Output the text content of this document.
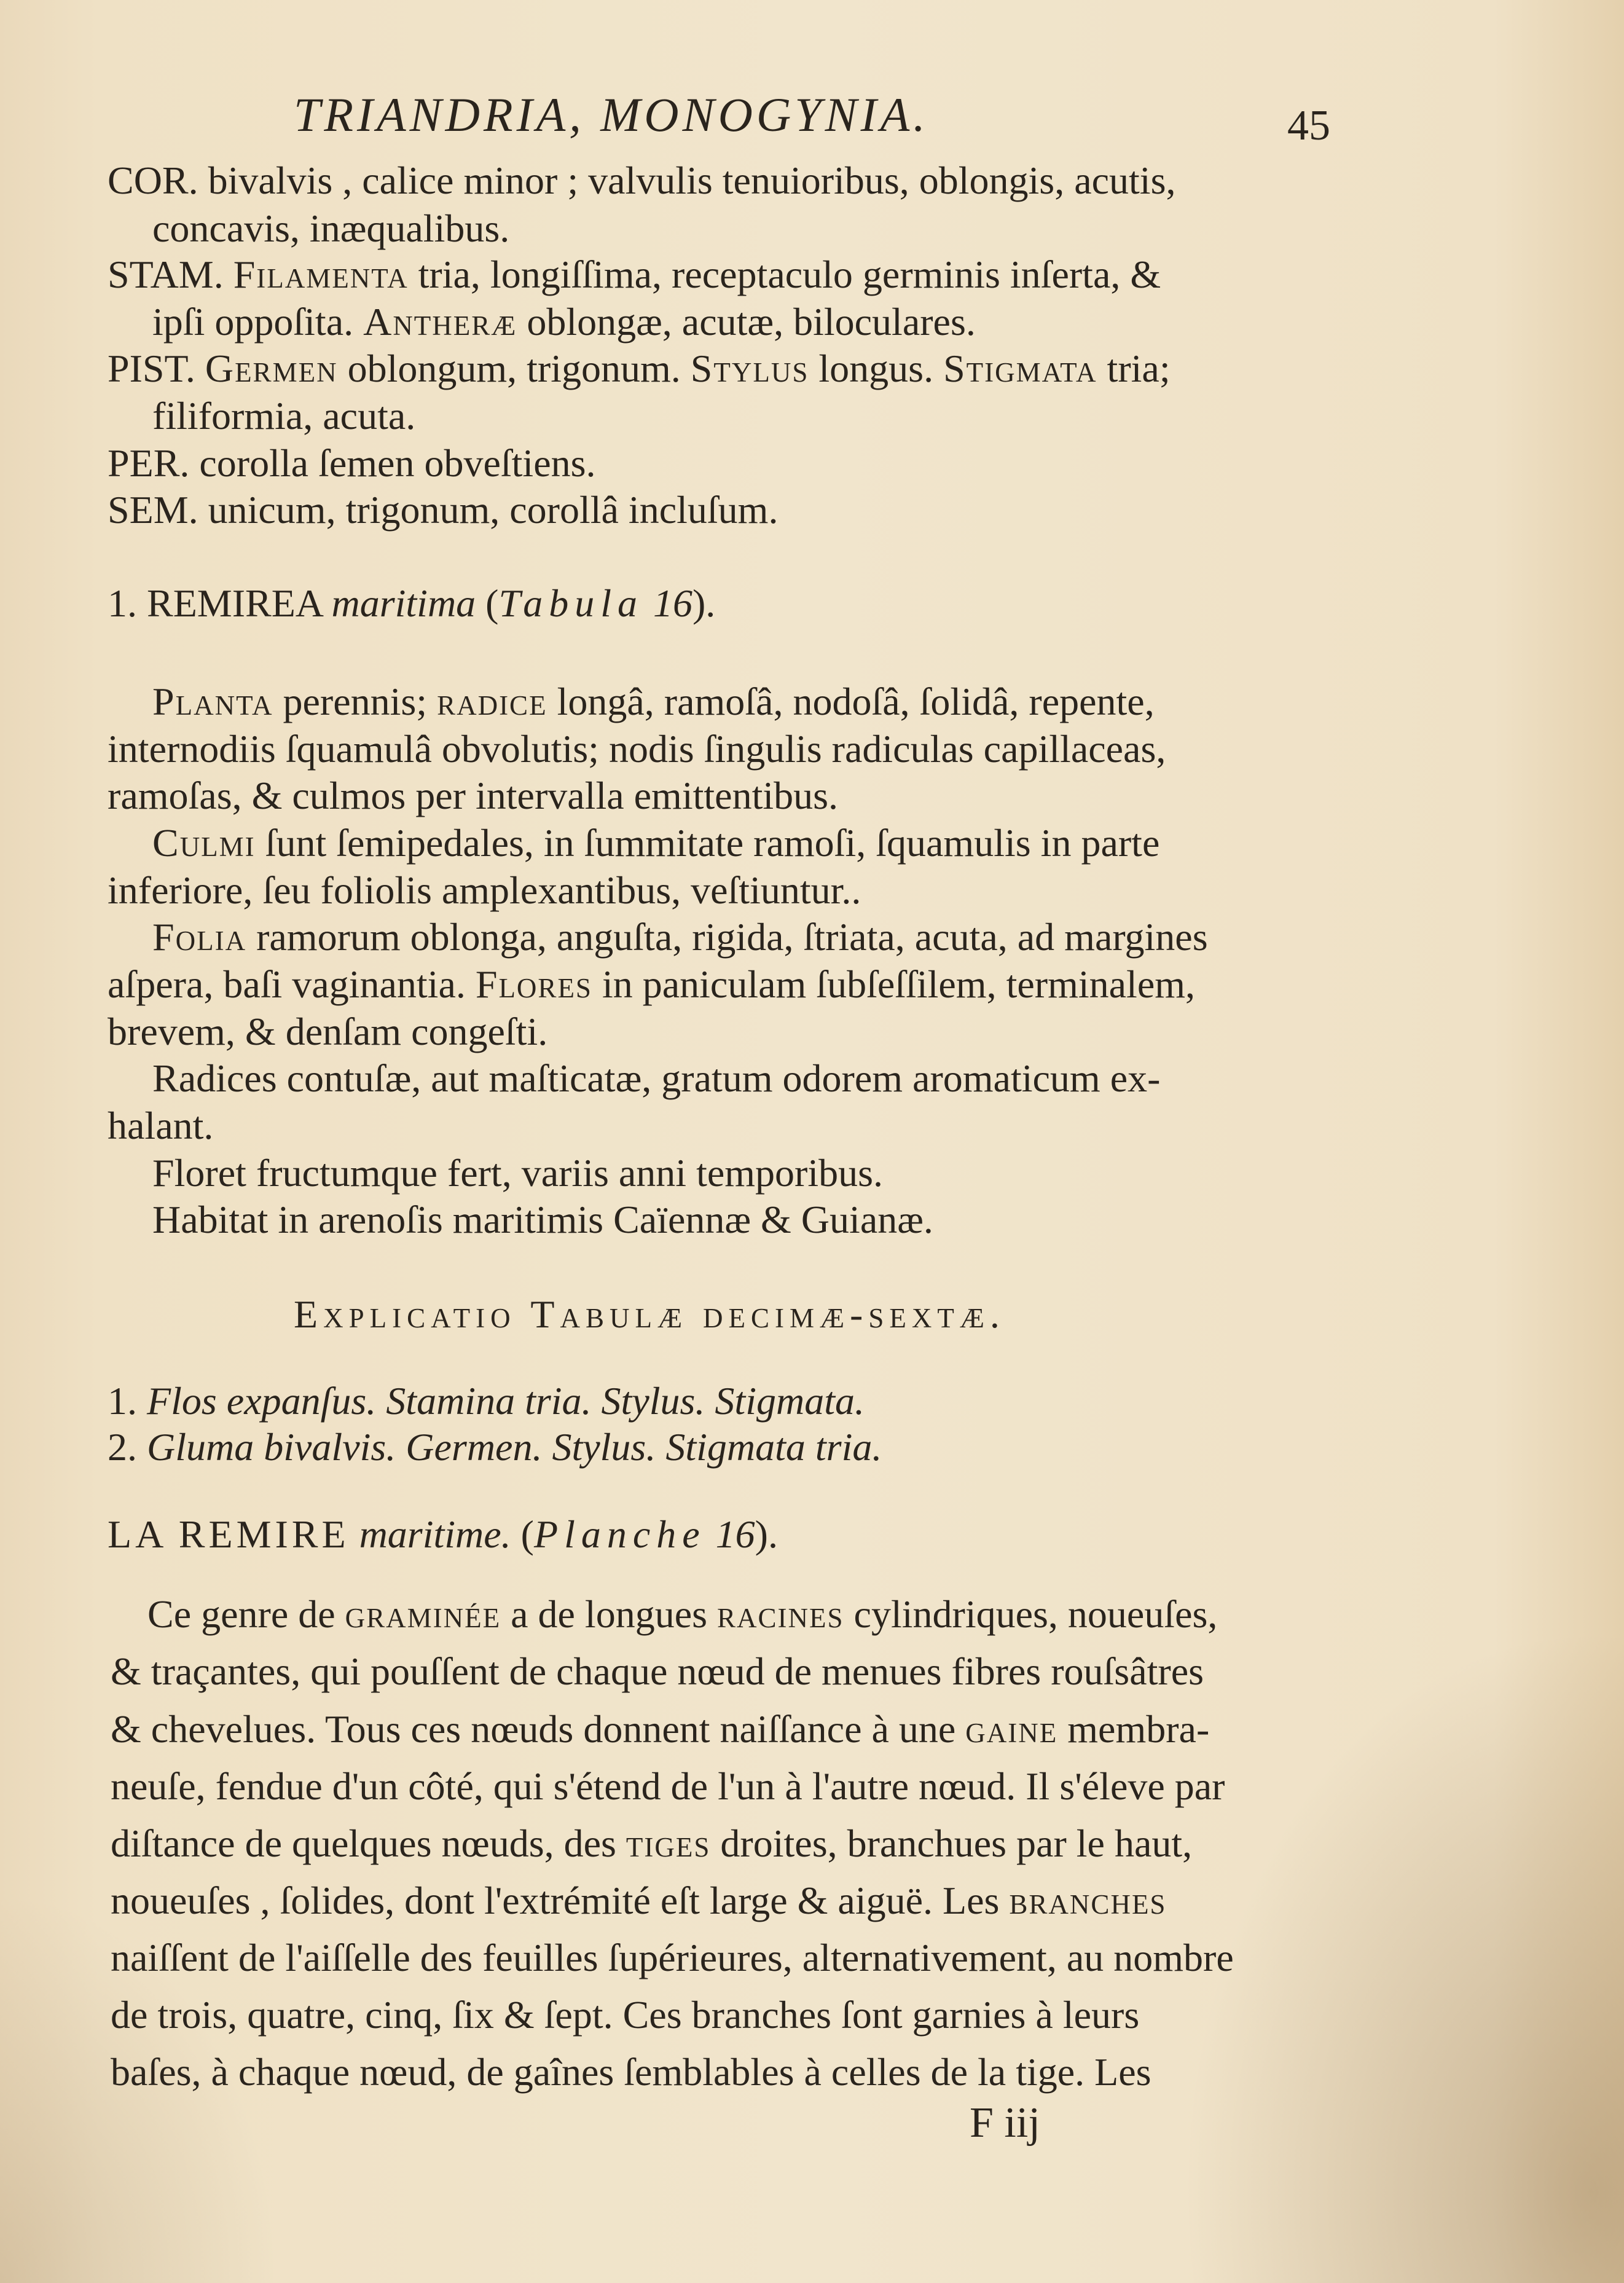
TRIANDRIA, MONOGYNIA.	45
COR. bivalvis , calice minor ; valvulis tenuioribus, oblongis, acutis,
concavis, inæqualibus.
STAM. Filamenta tria, longiſſima, receptaculo germinis inſerta, &
ipſi oppoſita. Antheræ oblongæ, acutæ, biloculares.
PIST. Germen oblongum, trigonum. Stylus longus. Stigmata tria;
filiformia, acuta.
PER. corolla ſemen obveſtiens.
SEM. unicum, trigonum, corollâ incluſum.
1. REMIREA maritima (Tabula 16).
Planta perennis; radice longâ, ramoſâ, nodoſâ, ſolidâ, repente,
internodiis ſquamulâ obvolutis; nodis ſingulis radiculas capillaceas,
ramoſas, & culmos per intervalla emittentibus.
Culmi ſunt ſemipedales, in ſummitate ramoſi, ſquamulis in parte
inferiore, ſeu foliolis amplexantibus, veſtiuntur..
Folia ramorum oblonga, anguſta, rigida, ſtriata, acuta, ad margines
aſpera, baſi vaginantia. Flores in paniculam ſubſeſſilem, terminalem,
brevem, & denſam congeſti.
Radices contuſæ, aut maſticatæ, gratum odorem aromaticum ex-
halant.
Floret fructumque fert, variis anni temporibus.
Habitat in arenoſis maritimis Caïennæ & Guianæ.
Explicatio Tabulæ decimæ-sextæ.
1. Flos expanſus. Stamina tria. Stylus. Stigmata.
2. Gluma bivalvis. Germen. Stylus. Stigmata tria.
LA REMIRE maritime. (Planche 16).
Ce genre de graminée a de longues racines cylindriques, noueuſes,
& traçantes, qui pouſſent de chaque nœud de menues fibres rouſsâtres
& chevelues. Tous ces nœuds donnent naiſſance à une gaine membra-
neuſe, fendue d'un côté, qui s'étend de l'un à l'autre nœud. Il s'éleve par
diſtance de quelques nœuds, des tiges droites, branchues par le haut,
noueuſes , ſolides, dont l'extrémité eſt large & aiguë. Les branches
naiſſent de l'aiſſelle des feuilles ſupérieures, alternativement, au nombre
de trois, quatre, cinq, ſix & ſept. Ces branches ſont garnies à leurs
baſes, à chaque nœud, de gaînes ſemblables à celles de la tige. Les
F iij
